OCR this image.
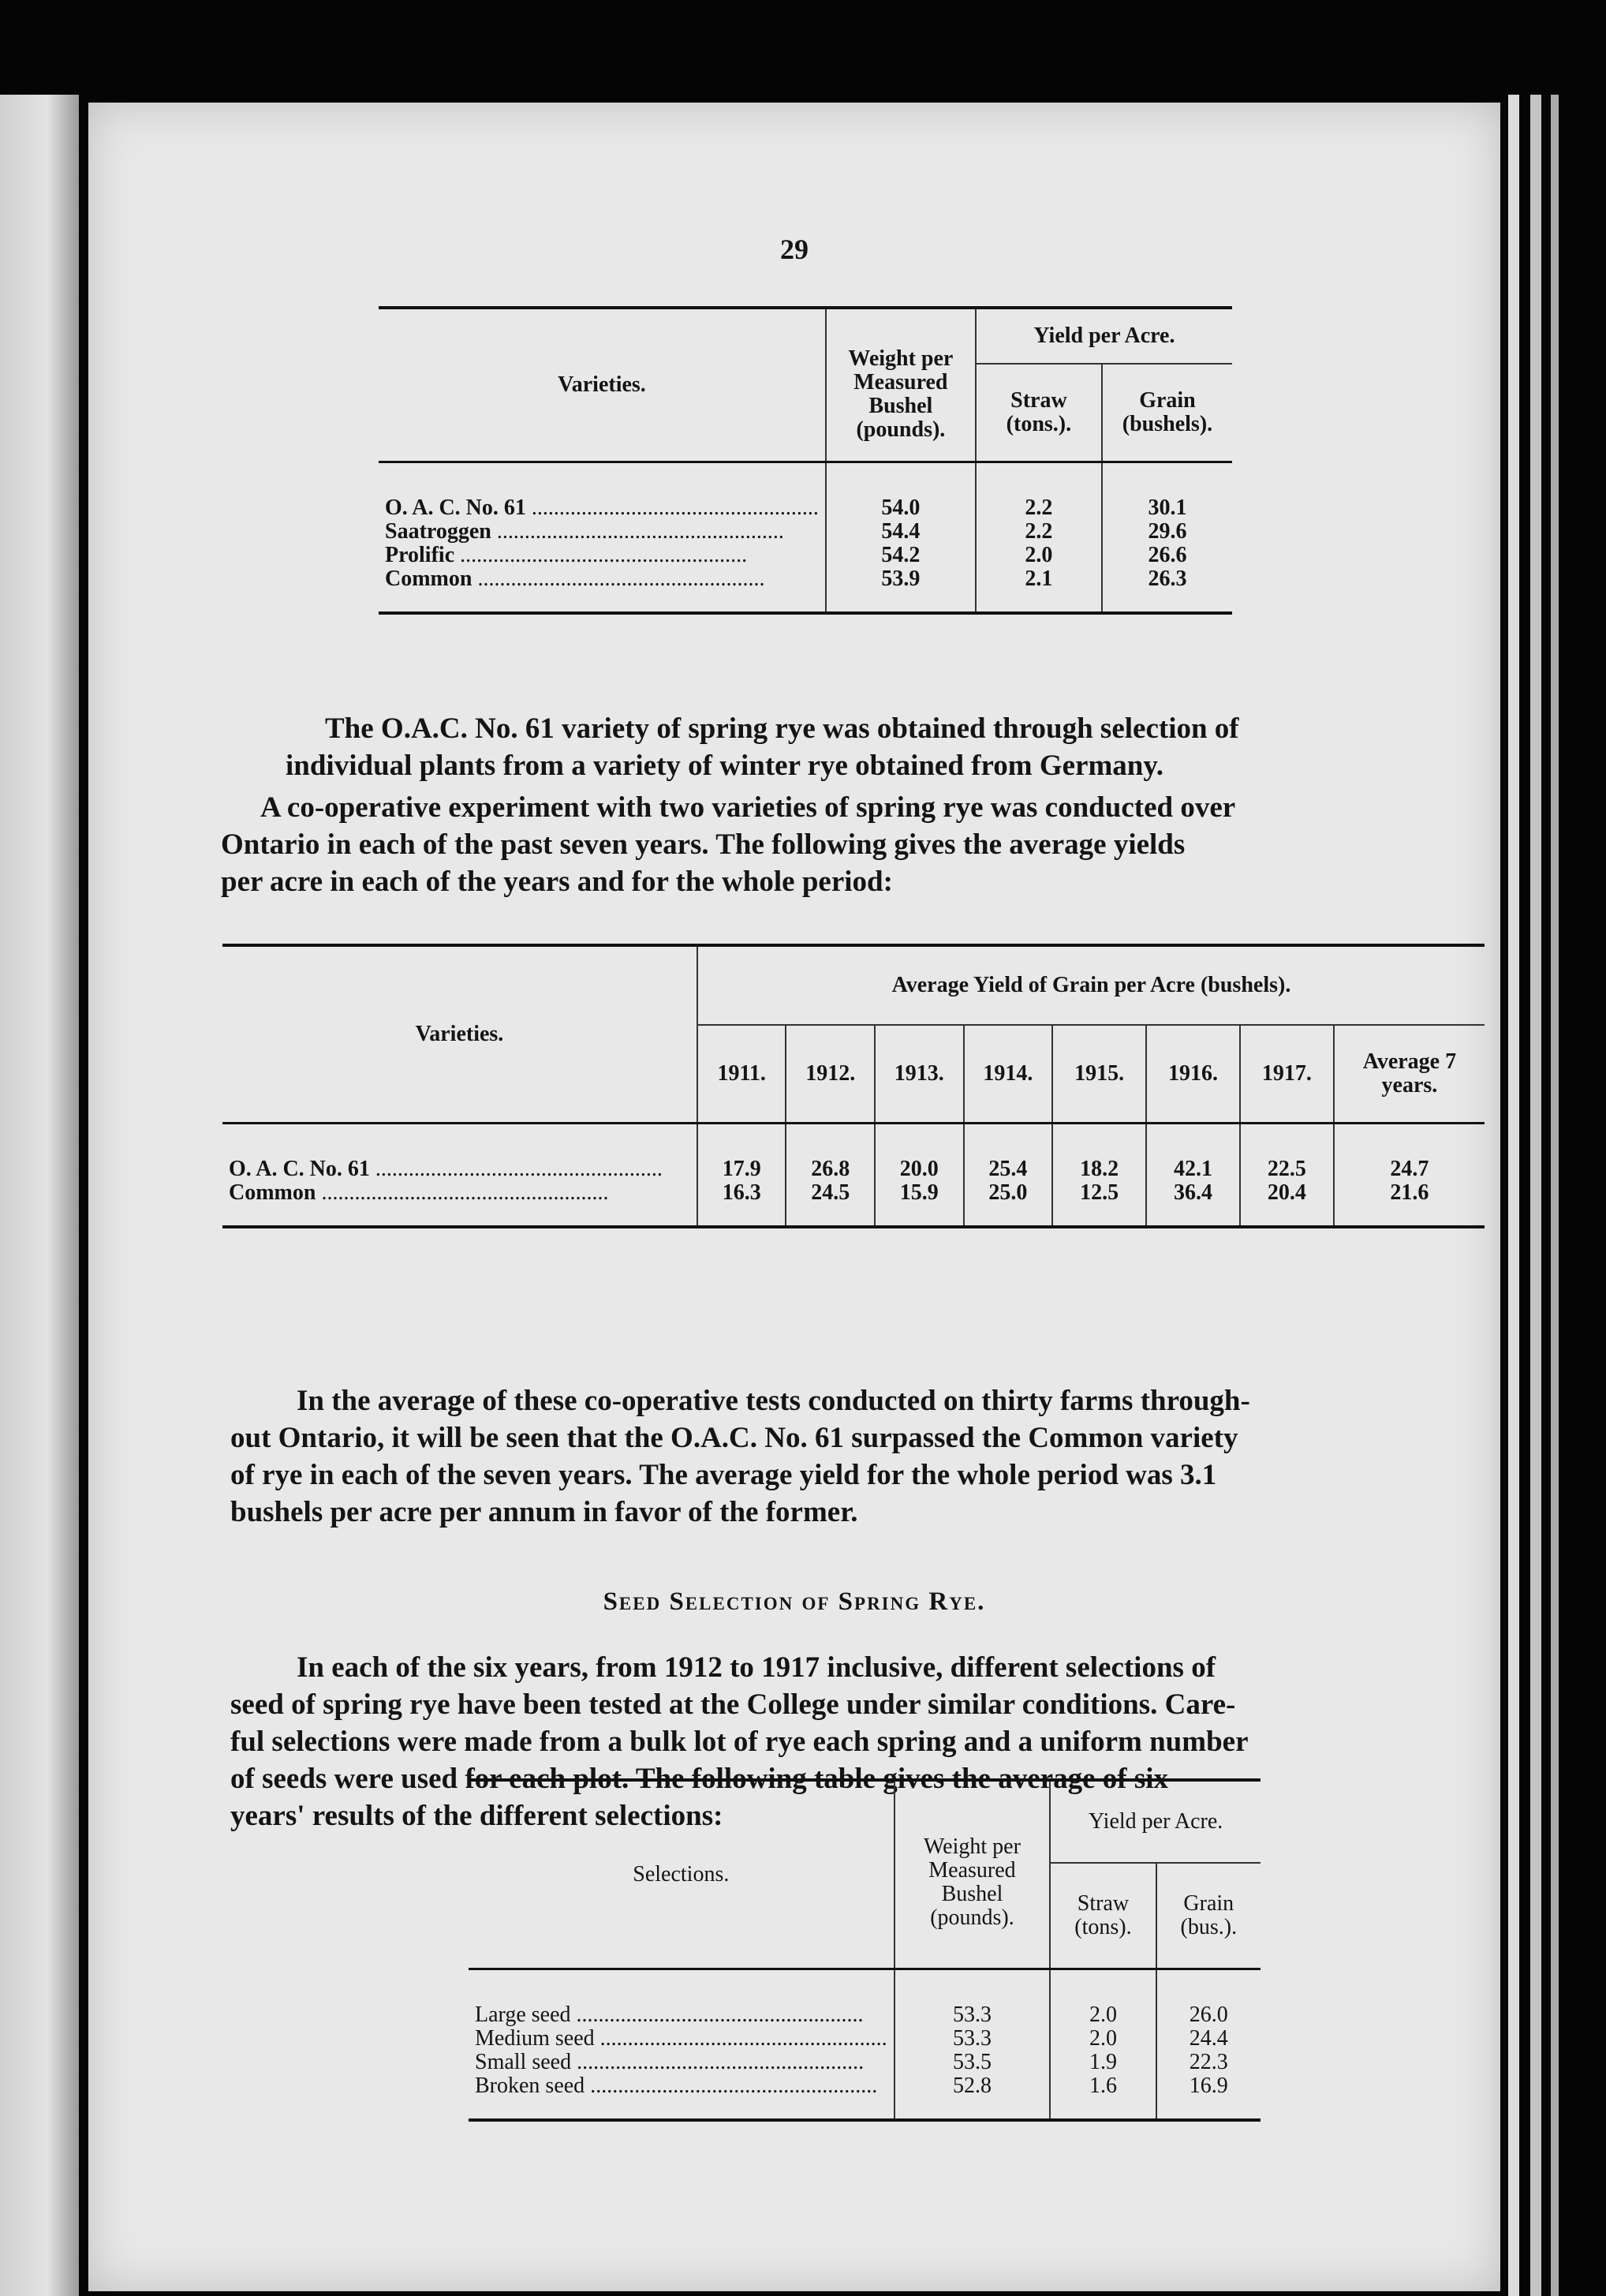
29
Varieties.	Weight per Measured Bushel (pounds).	Yield per Acre.	
		Straw (tons.).	Grain (bushels).
O. A. C. No. 61 .....	54.0	2.2	30.1
Saatroggen .....	54.4	2.2	29.6
Prolific .....	54.2	2.0	26.6
Common .....	53.9	2.1	26.3

The O.A.C. No. 61 variety of spring rye was obtained through selection of
individual plants from a variety of winter rye obtained from Germany.

A co-operative experiment with two varieties of spring rye was conducted over
Ontario in each of the past seven years. The following gives the average yields
per acre in each of the years and for the whole period:

Varieties.	Average Yield of Grain per Acre (bushels).							
	1911.	1912.	1913.	1914.	1915.	1916.	1917.	Average 7 years.
O. A. C. No. 61 .....	17.9	26.8	20.0	25.4	18.2	42.1	22.5	24.7
Common .....	16.3	24.5	15.9	25.0	12.5	36.4	20.4	21.6

In the average of these co-operative tests conducted on thirty farms through-
out Ontario, it will be seen that the O.A.C. No. 61 surpassed the Common variety
of rye in each of the seven years. The average yield for the whole period was 3.1
bushels per acre per annum in favor of the former.

Seed Selection of Spring Rye.

In each of the six years, from 1912 to 1917 inclusive, different selections of
seed of spring rye have been tested at the College under similar conditions. Care-
ful selections were made from a bulk lot of rye each spring and a uniform number
of seeds were used for each plot. The following table gives the average of six
years' results of the different selections:

Selections.	Weight per Measured Bushel (pounds).	Yield per Acre.	
		Straw (tons).	Grain (bus.).
Large seed .....	53.3	2.0	26.0
Medium seed .....	53.3	2.0	24.4
Small seed .....	53.5	1.9	22.3
Broken seed .....	52.8	1.6	16.9
